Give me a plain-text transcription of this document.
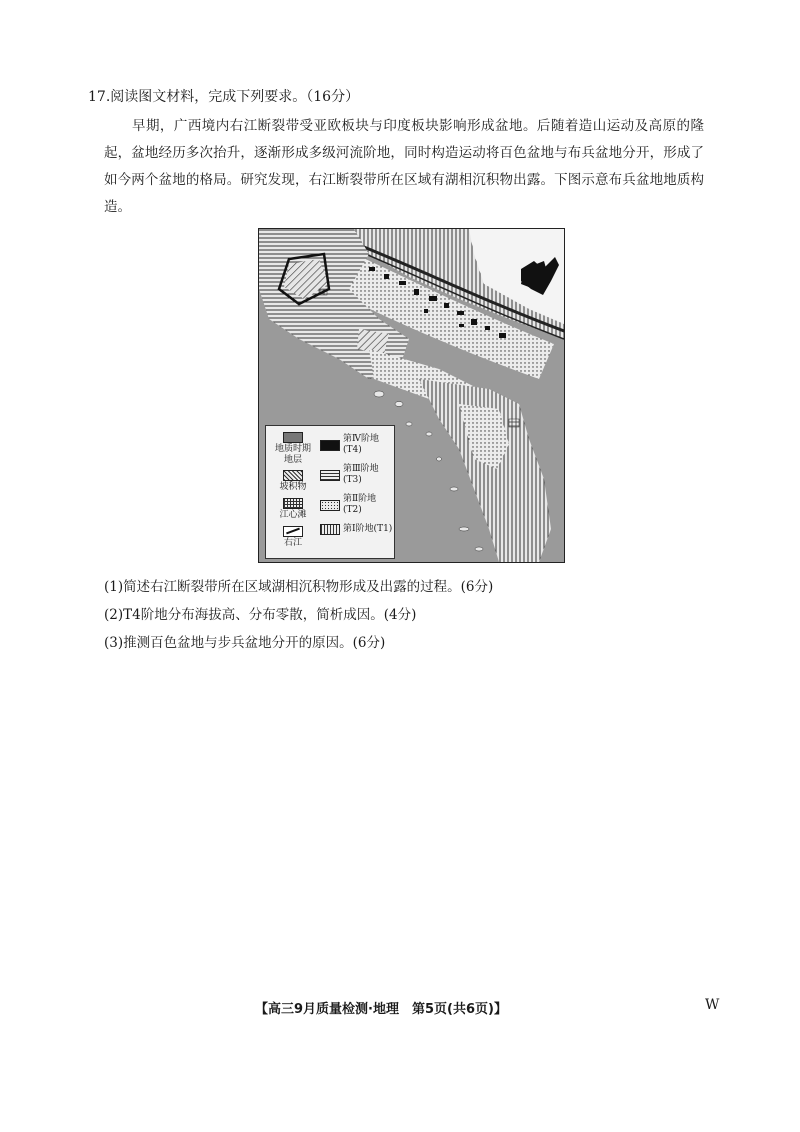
17.阅读图文材料，完成下列要求。（16分）
早期，广西境内右江断裂带受亚欧板块与印度板块影响形成盆地。后随着造山运动及高原的隆起，盆地经历多次抬升，逐渐形成多级河流阶地，同时构造运动将百色盆地与布兵盆地分开，形成了如今两个盆地的格局。研究发现，右江断裂带所在区域有湖相沉积物出露。下图示意布兵盆地地质构造。
地质时期地层
坡积物
江心滩
右江
第Ⅳ阶地(T4)
第Ⅲ阶地(T3)
第Ⅱ阶地(T2)
第Ⅰ阶地(T1)
(1)简述右江断裂带所在区域湖相沉积物形成及出露的过程。(6分)
(2)T4阶地分布海拔高、分布零散，简析成因。(4分)
(3)推测百色盆地与步兵盆地分开的原因。(6分)
【高三9月质量检测·地理　第5页(共6页)】	W
